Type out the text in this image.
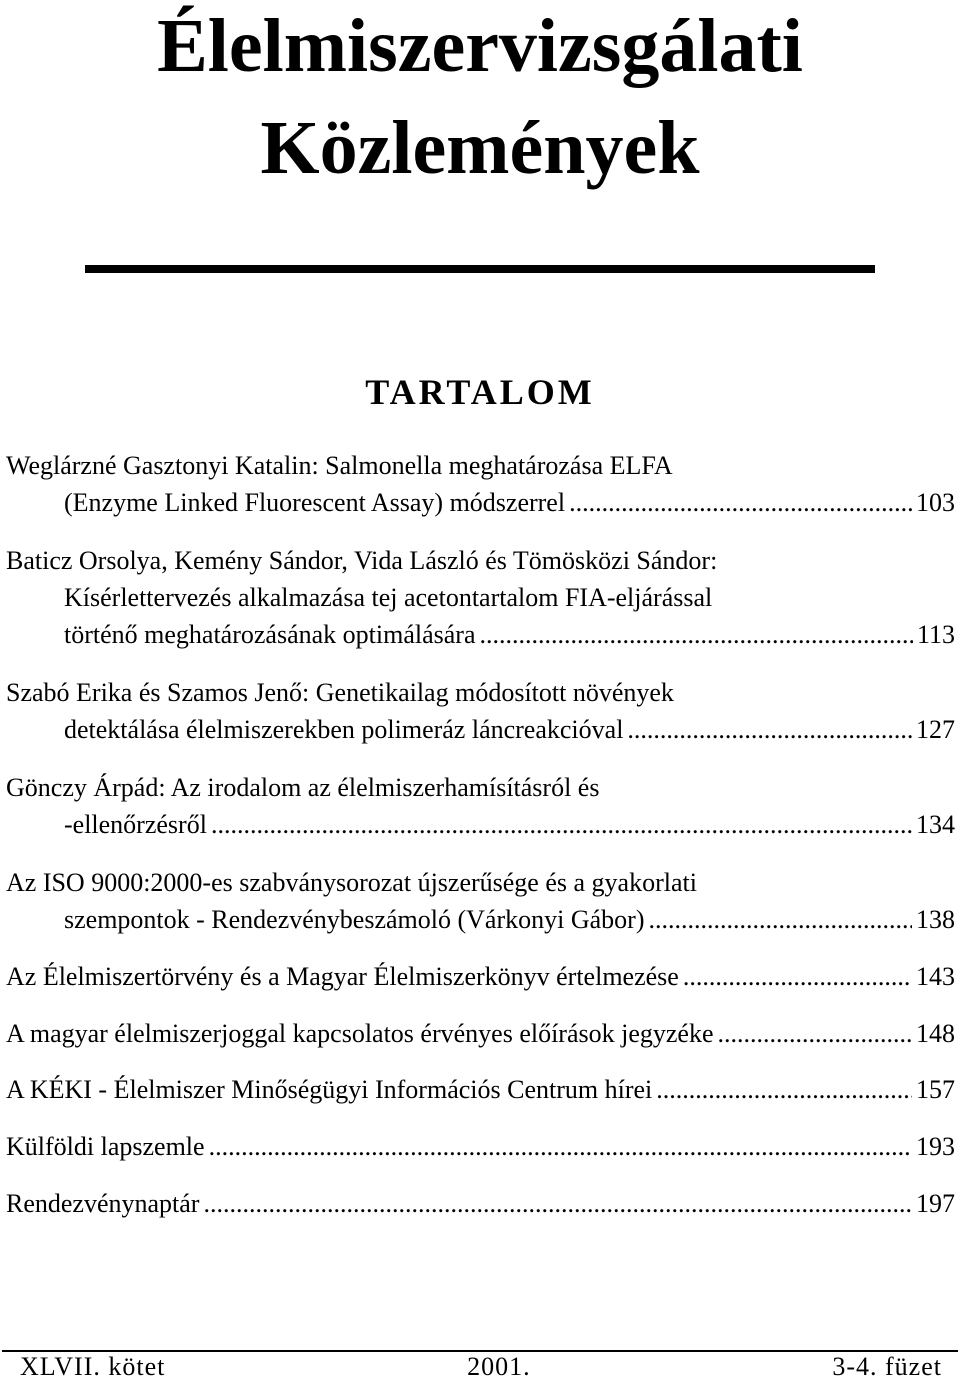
Élelmiszervizsgálati
Közlemények
TARTALOM
Weglárzné Gasztonyi Katalin: Salmonella meghatározása ELFA
(Enzyme Linked Fluorescent Assay) módszerrel .....	103
Baticz Orsolya, Kemény Sándor, Vida László és Tömösközi Sándor:
Kísérlettervezés alkalmazása tej acetontartalom FIA-eljárással
történő meghatározásának optimálására .....	113
Szabó Erika és Szamos Jenő: Genetikailag módosított növények
detektálása élelmiszerekben polimeráz láncreakcióval .....	127
Gönczy Árpád: Az irodalom az élelmiszerhamísításról és
-ellenőrzésről .....	134
Az ISO 9000:2000-es szabványsorozat újszerűsége és a gyakorlati
szempontok - Rendezvénybeszámoló (Várkonyi Gábor) .....	138
Az Élelmiszertörvény és a Magyar Élelmiszerkönyv értelmezése .....	143
A magyar élelmiszerjoggal kapcsolatos érvényes előírások jegyzéke .....	148
A KÉKI - Élelmiszer Minőségügyi Információs Centrum hírei .....	157
Külföldi lapszemle .....	193
Rendezvénynaptár .....	197
XLVII. kötet	2001.	3-4. füzet
